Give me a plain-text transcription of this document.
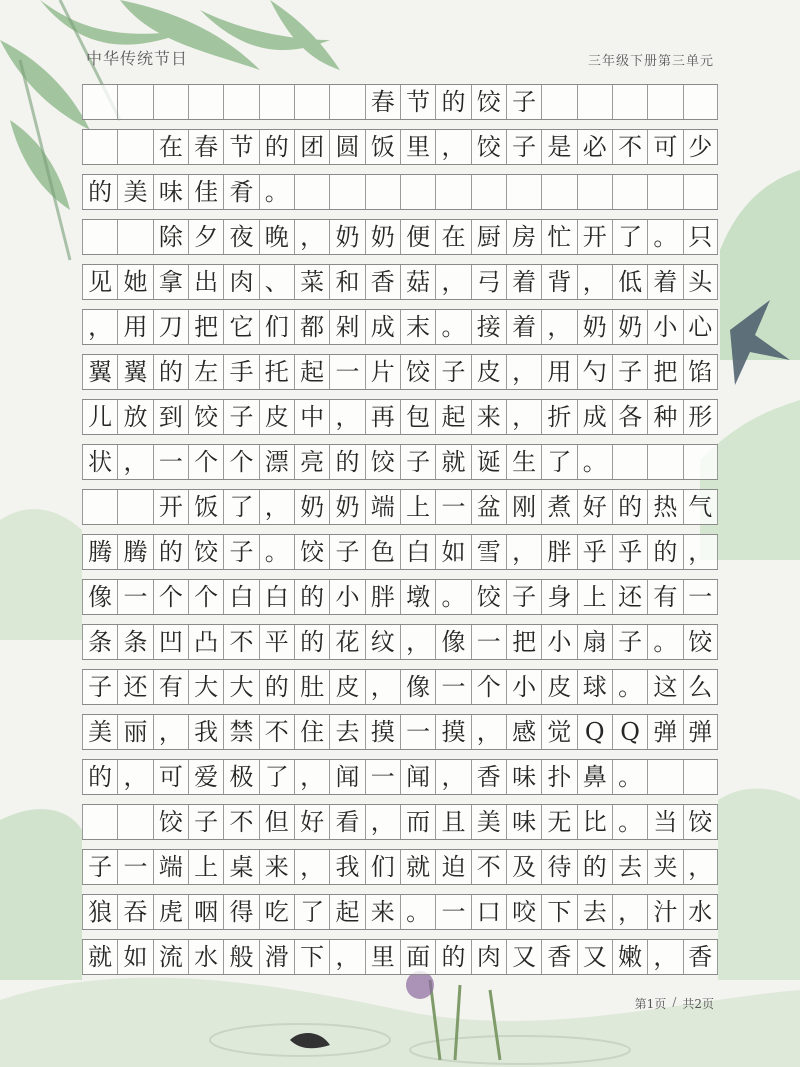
中华传统节日	三年级下册第三单元
春 节 的 饺 子
在 春 节 的 团 圆 饭 里 ， 饺 子 是 必 不 可 少
的 美 味 佳 肴 。
除 夕 夜 晚 ， 奶 奶 便 在 厨 房 忙 开 了 。 只
见 她 拿 出 肉 、 菜 和 香 菇 ， 弓 着 背 ， 低 着 头
， 用 刀 把 它 们 都 剁 成 末 。 接 着 ， 奶 奶 小 心
翼 翼 的 左 手 托 起 一 片 饺 子 皮 ， 用 勺 子 把 馅
儿 放 到 饺 子 皮 中 ， 再 包 起 来 ， 折 成 各 种 形
状 ， 一 个 个 漂 亮 的 饺 子 就 诞 生 了 。
开 饭 了 ， 奶 奶 端 上 一 盆 刚 煮 好 的 热 气
腾 腾 的 饺 子 。 饺 子 色 白 如 雪 ， 胖 乎 乎 的 ，
像 一 个 个 白 白 的 小 胖 墩 。 饺 子 身 上 还 有 一
条 条 凹 凸 不 平 的 花 纹 ， 像 一 把 小 扇 子 。 饺
子 还 有 大 大 的 肚 皮 ， 像 一 个 小 皮 球 。 这 么
美 丽 ， 我 禁 不 住 去 摸 一 摸 ， 感 觉 Q Q 弹 弹
的 ， 可 爱 极 了 ， 闻 一 闻 ， 香 味 扑 鼻 。
饺 子 不 但 好 看 ， 而 且 美 味 无 比 。 当 饺
子 一 端 上 桌 来 ， 我 们 就 迫 不 及 待 的 去 夹 ，
狼 吞 虎 咽 得 吃 了 起 来 。 一 口 咬 下 去 ， 汁 水
就 如 流 水 般 滑 下 ， 里 面 的 肉 又 香 又 嫩 ， 香
第1页 / 共2页
